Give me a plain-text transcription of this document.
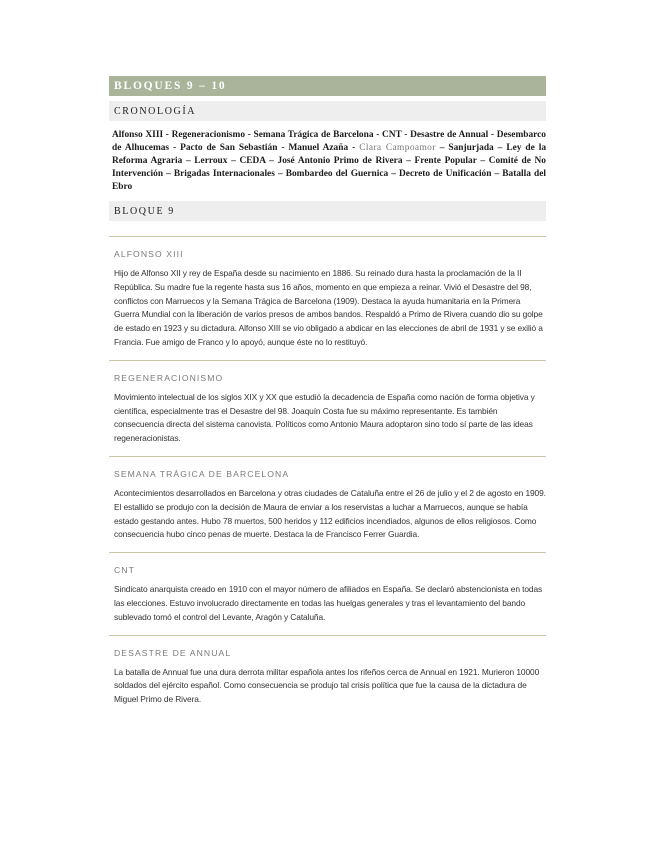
BLOQUES 9 – 10
CRONOLOGÍA
Alfonso XIII - Regeneracionismo - Semana Trágica de Barcelona - CNT - Desastre de Annual - Desembarco de Alhucemas - Pacto de San Sebastián - Manuel Azaña - Clara Campoamor – Sanjurjada – Ley de la Reforma Agraria – Lerroux – CEDA – José Antonio Primo de Rivera – Frente Popular – Comité de No Intervención – Brigadas Internacionales – Bombardeo del Guernica – Decreto de Unificación – Batalla del Ebro
BLOQUE 9
ALFONSO XIII
Hijo de Alfonso XII y rey de España desde su nacimiento en 1886. Su reinado dura hasta la proclamación de la II República. Su madre fue la regente hasta sus 16 años, momento en que empieza a reinar. Vivió el Desastre del 98, conflictos con Marruecos y la Semana Trágica de Barcelona (1909). Destaca la ayuda humanitaria en la Primera Guerra Mundial con la liberación de varios presos de ambos bandos. Respaldó a Primo de Rivera cuando dio su golpe de estado en 1923 y su dictadura. Alfonso XIII se vio obligado a abdicar en las elecciones de abril de 1931 y se exilió a Francia. Fue amigo de Franco y lo apoyó, aunque éste no lo restituyó.
REGENERACIONISMO
Movimiento intelectual de los siglos XIX y XX que estudió la decadencia de España como nación de forma objetiva y científica, especialmente tras el Desastre del 98. Joaquín Costa fue su máximo representante. Es también consecuencia directa del sistema canovista. Políticos como Antonio Maura adoptaron sino todo sí parte de las ideas regeneracionistas.
SEMANA TRÁGICA DE BARCELONA
Acontecimientos desarrollados en Barcelona y otras ciudades de Cataluña entre el 26 de julio y el 2 de agosto en 1909. El estallido se produjo con la decisión de Maura de enviar a los reservistas a luchar a Marruecos, aunque se había estado gestando antes. Hubo 78 muertos, 500 heridos y 112 edificios incendiados, algunos de ellos religiosos. Como consecuencia hubo cinco penas de muerte. Destaca la de Francisco Ferrer Guardia.
CNT
Sindicato anarquista creado en 1910 con el mayor número de afiliados en España. Se declaró abstencionista en todas las elecciones. Estuvo involucrado directamente en todas las huelgas generales y tras el levantamiento del bando sublevado tomó el control del Levante, Aragón y Cataluña.
DESASTRE DE ANNUAL
La batalla de Annual fue una dura derrota militar española antes los rifeños cerca de Annual en 1921. Murieron 10000 soldados del ejército español. Como consecuencia se produjo tal crisis política que fue la causa de la dictadura de Miguel Primo de Rivera.
